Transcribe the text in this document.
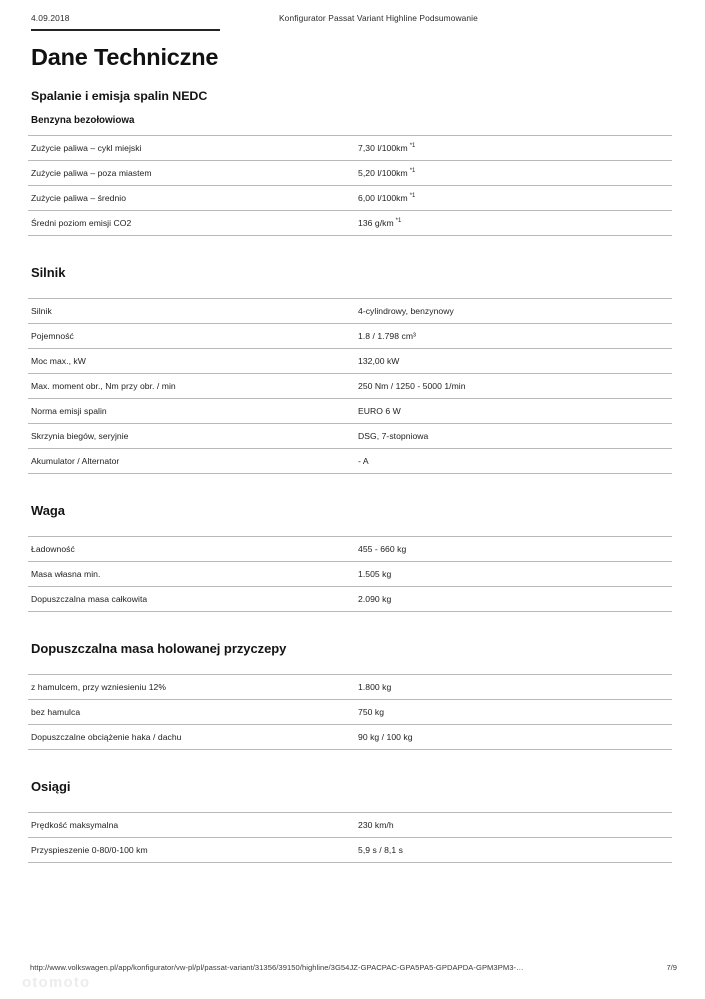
4.09.2018	Konfigurator Passat Variant Highline Podsumowanie
Dane Techniczne
Spalanie i emisja spalin NEDC
Benzyna bezołowiowa
Zużycie paliwa – cykl miejski	7,30 l/100km $^{*1}$
Zużycie paliwa – poza miastem	5,20 l/100km $^{*1}$
Zużycie paliwa – średnio	6,00 l/100km $^{*1}$
Średni poziom emisji CO2	136 g/km $^{*1}$
Silnik
Silnik	4-cylindrowy, benzynowy
Pojemność	1.8 / 1.798 cm³
Moc max., kW	132,00 kW
Max. moment obr., Nm przy obr. / min	250 Nm / 1250 - 5000 1/min
Norma emisji spalin	EURO 6 W
Skrzynia biegów, seryjnie	DSG, 7-stopniowa
Akumulator / Alternator	- A
Waga
Ładowność	455 - 660 kg
Masa własna min.	1.505 kg
Dopuszczalna masa całkowita	2.090 kg
Dopuszczalna masa holowanej przyczepy
z hamulcem, przy wzniesieniu 12%	1.800 kg
bez hamulca	750 kg
Dopuszczalne obciążenie haka / dachu	90 kg / 100 kg
Osiągi
Prędkość maksymalna	230 km/h
Przyspieszenie 0-80/0-100 km	5,9 s / 8,1 s
otomoto
http://www.volkswagen.pl/app/konfigurator/vw-pl/pl/passat-variant/31356/39150/highline/3G54JZ-GPACPAC-GPA5PA5-GPDAPDA-GPM3PM3-…	7/9
